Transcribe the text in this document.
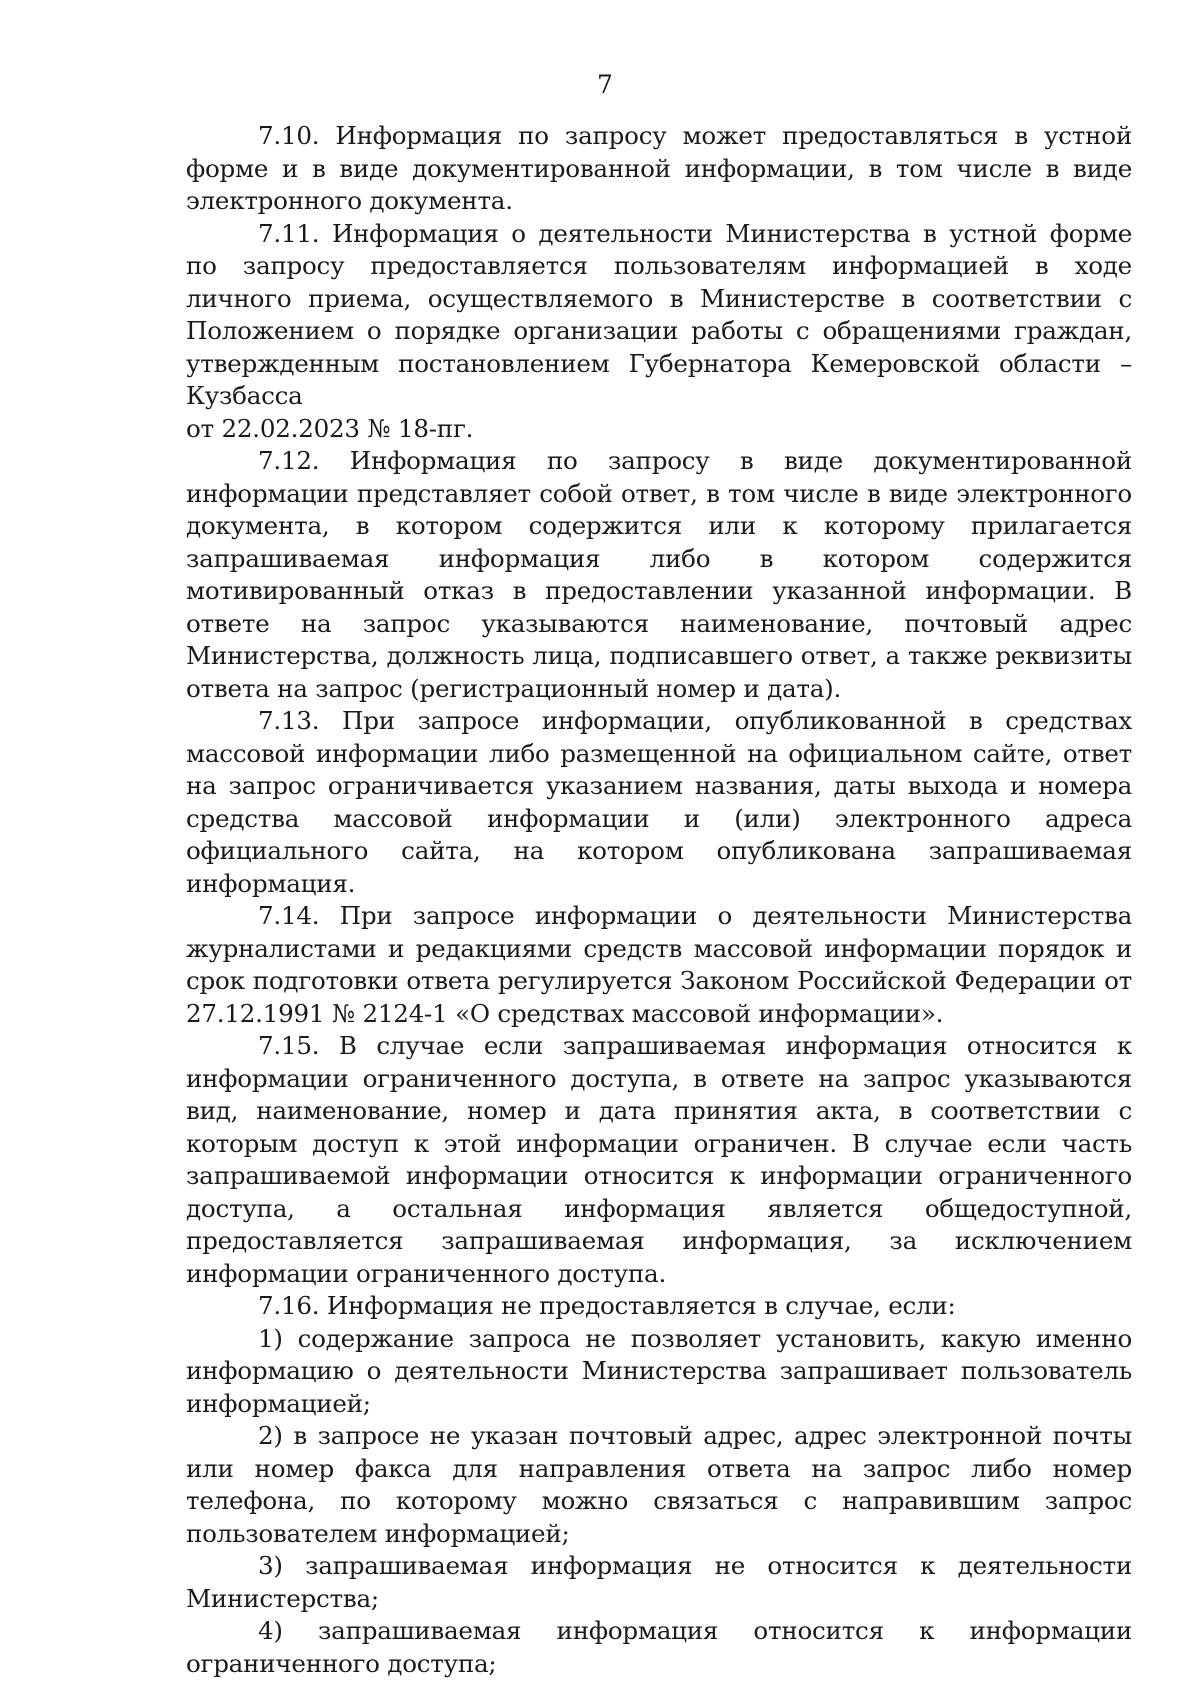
7

7.10. Информация по запросу может предоставляться в устной форме и в виде документированной информации, в том числе в виде электронного документа.

7.11. Информация о деятельности Министерства в устной форме по запросу предоставляется пользователям информацией в ходе личного приема, осуществляемого в Министерстве в соответствии с Положением о порядке организации работы с обращениями граждан, утвержденным постановлением Губернатора Кемеровской области – Кузбасса

от 22.02.2023 № 18-пг.

7.12. Информация по запросу в виде документированной информации представляет собой ответ, в том числе в виде электронного документа, в котором содержится или к которому прилагается запрашиваемая информация либо в котором содержится мотивированный отказ в предоставлении указанной информации. В ответе на запрос указываются наименование, почтовый адрес Министерства, должность лица, подписавшего ответ, а также реквизиты ответа на запрос (регистрационный номер и дата).

7.13. При запросе информации, опубликованной в средствах массовой информации либо размещенной на официальном сайте, ответ на запрос ограничивается указанием названия, даты выхода и номера средства массовой информации и (или) электронного адреса официального сайта, на котором опубликована запрашиваемая информация.

7.14. При запросе информации о деятельности Министерства журналистами и редакциями средств массовой информации порядок и срок подготовки ответа регулируется Законом Российской Федерации от 27.12.1991 № 2124-1 «О средствах массовой информации».

7.15. В случае если запрашиваемая информация относится к информации ограниченного доступа, в ответе на запрос указываются вид, наименование, номер и дата принятия акта, в соответствии с которым доступ к этой информации ограничен. В случае если часть запрашиваемой информации относится к информации ограниченного доступа, а остальная информация является общедоступной, предоставляется запрашиваемая информация, за исключением информации ограниченного доступа.

7.16. Информация не предоставляется в случае, если:

1) содержание запроса не позволяет установить, какую именно информацию о деятельности Министерства запрашивает пользователь информацией;

2) в запросе не указан почтовый адрес, адрес электронной почты или номер факса для направления ответа на запрос либо номер телефона, по которому можно связаться с направившим запрос пользователем информацией;

3) запрашиваемая информация не относится к деятельности Министерства;

4) запрашиваемая информация относится к информации ограниченного доступа;
